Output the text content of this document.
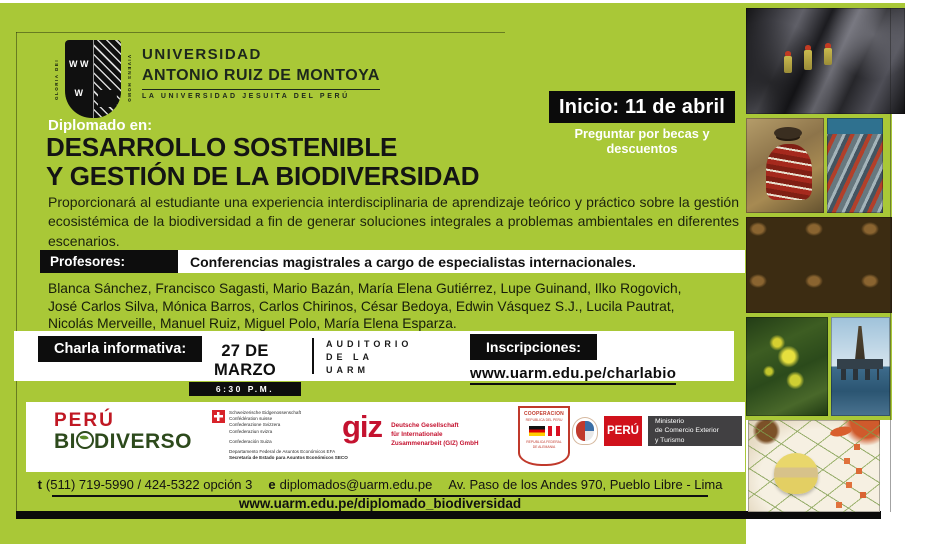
GLORIA DEI	W W
W	VIVENS HOMO
UNIVERSIDAD
ANTONIO RUIZ DE MONTOYA
LA UNIVERSIDAD JESUITA DEL PERÚ	Inicio: 11 de abril
Preguntar por becas y descuentos
Diplomado en:
DESARROLLO SOSTENIBLE
Y GESTIÓN DE LA BIODIVERSIDAD

Proporcionará al estudiante una experiencia interdisciplinaria de aprendizaje teórico y práctico sobre la gestión ecosistémica de la biodiversidad a fin de generar soluciones integrales a problemas ambientales en diferentes escenarios.

Profesores:	Conferencias magistrales a cargo de especialistas internacionales.

Blanca Sánchez, Francisco Sagasti, Mario Bazán, María Elena Gutiérrez, Lupe Guinand, Ilko Rogovich, José Carlos Silva, Mónica Barros, Carlos Chirinos, César Bedoya, Edwin Vásquez S.J., Lucila Pautrat, Nicolás Merveille, Manuel Ruiz, Miguel Polo, María Elena Esparza.

Charla informativa:	27 DE MARZO
6:30 P.M.
AUDITORIO
DE LA
UARM
Inscripciones:
www.uarm.edu.pe/charlabio
PERÚ
BI DIVERSO
Schweizerische Eidgenossenschaft
Confédération suisse
Confederazione Svizzera
Confederaziun svizra
Confederación Suiza
Departamento Federal de Asuntos Económicos EFA
Secretaría de Estado para Asuntos Económicos SECO
giz Deutsche Gesellschaft
für Internationale
Zusammenarbeit (GIZ) GmbH
COOPERACION
REPUBLICA DEL PERU
REPUBLICA FEDERAL
DE ALEMANIA
PERÚ
Ministerio
de Comercio Exterior
y Turismo
t (511) 719-5990 / 424-5322 opción 3 e diplomados@uarm.edu.pe Av. Paso de los Andes 970, Pueblo Libre - Lima
www.uarm.edu.pe/diplomado_biodiversidad
